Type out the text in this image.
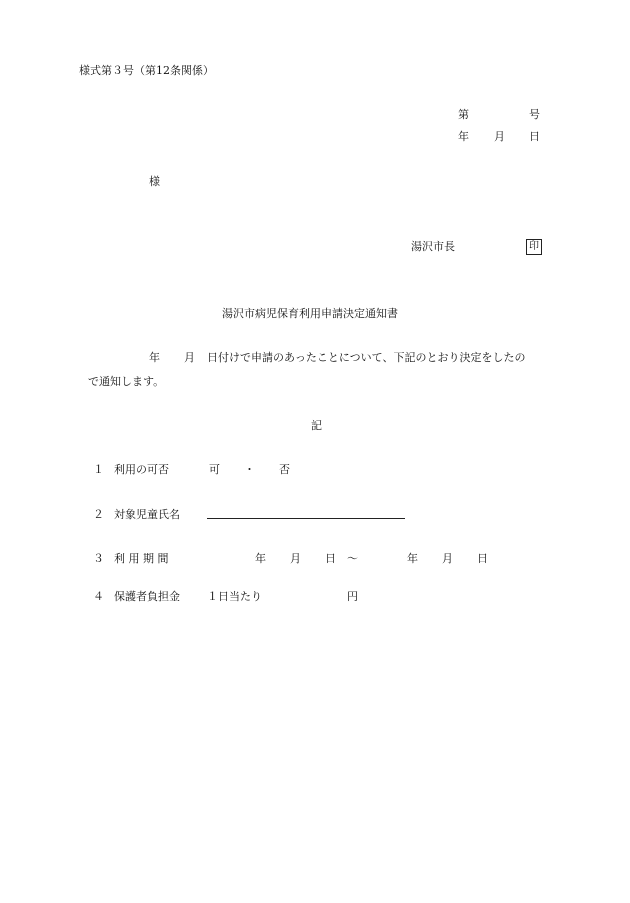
様式第３号（第12条関係）
第	号
年 月 日
様
湯沢市長	印
湯沢市病児保育利用申請決定通知書
年 月 日付けで申請のあったことについて、下記のとおり決定をしたの
で通知します。
記
１ 利用の可否	可 ・ 否
２ 対象児童氏名
３ 利 用 期 間	年 月 日 ～	年 月 日
４ 保護者負担金 １日当たり	円
